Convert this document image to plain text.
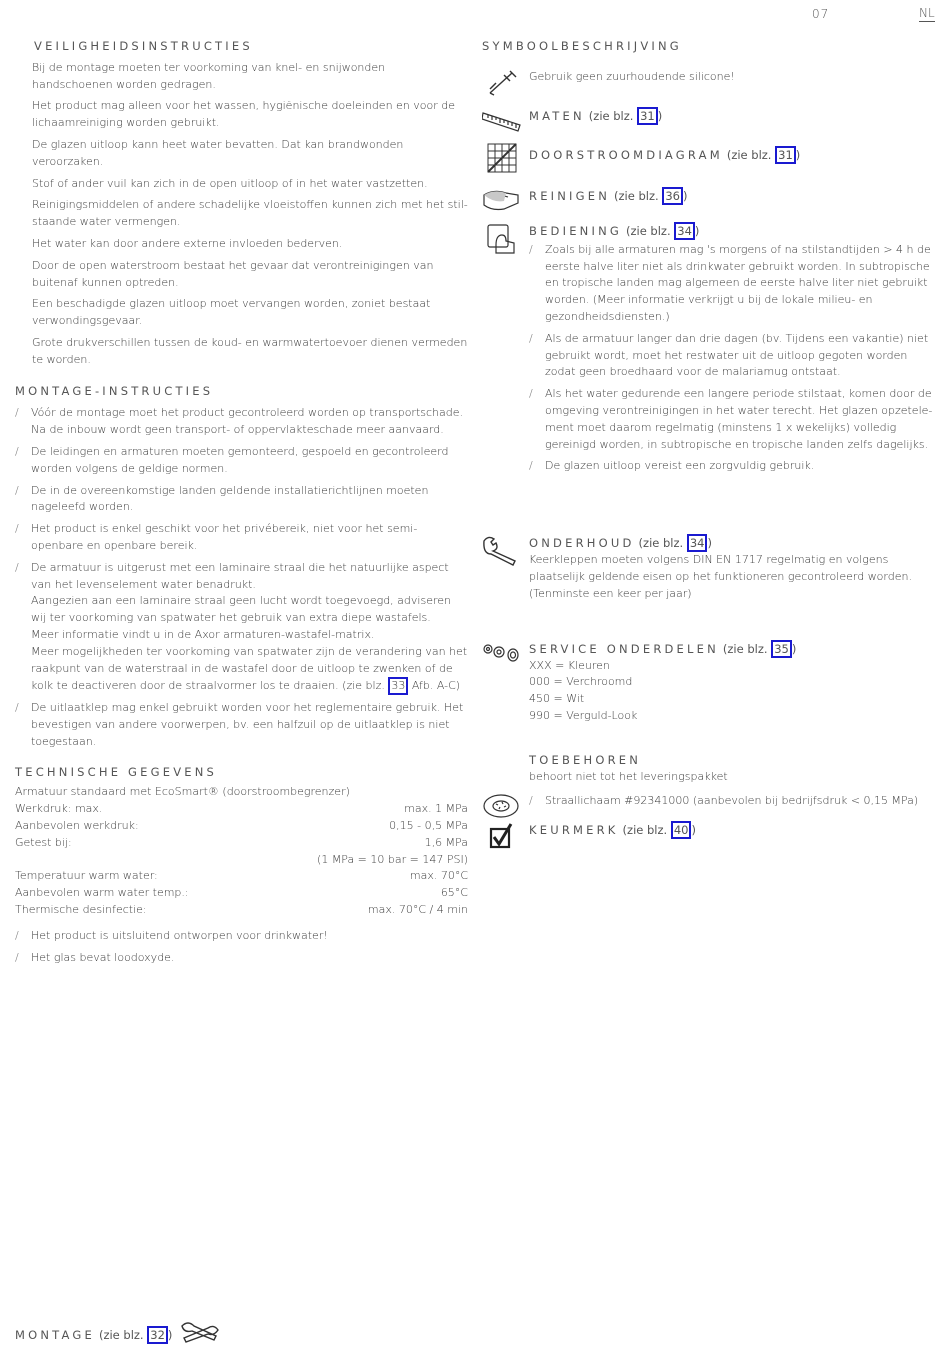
07	NL
VEILIGHEIDSINSTRUCTIES

Bij de montage moeten ter voorkoming van knel- en snijwonden handschoenen worden gedragen.

Het product mag alleen voor het wassen, hygiënische doeleinden en voor de lichaamreiniging worden gebruikt.

De glazen uitloop kann heet water bevatten. Dat kan brandwonden veroorzaken.

Stof of ander vuil kan zich in de open uitloop of in het water vastzetten.

Reinigingsmiddelen of andere schadelijke vloeistoffen kunnen zich met het stilstaande water vermengen.

Het water kan door andere externe invloeden bederven.

Door de open waterstroom bestaat het gevaar dat verontreinigingen van buitenaf kunnen optreden.

Een beschadigde glazen uitloop moet vervangen worden, zoniet bestaat verwondingsgevaar.

Grote drukverschillen tussen de koud- en warmwatertoevoer dienen vermeden te worden.

MONTAGE-INSTRUCTIES
/ Vóór de montage moet het product gecontroleerd worden op transportschade. Na de inbouw wordt geen transport- of oppervlakteschade meer aanvaard.
/ De leidingen en armaturen moeten gemonteerd, gespoeld en gecontroleerd worden volgens de geldige normen.
/ De in de overeenkomstige landen geldende installatierichtlijnen moeten nageleefd worden.
/ Het product is enkel geschikt voor het privébereik, niet voor het semi-openbare en openbare bereik.
/ De armatuur is uitgerust met een laminaire straal die het natuurlijke aspect van het levenselement water benadrukt.
Aangezien aan een laminaire straal geen lucht wordt toegevoegd, adviseren wij ter voorkoming van spatwater het gebruik van extra diepe wastafels.
Meer informatie vindt u in de Axor armaturen-wastafel-matrix.
Meer mogelijkheden ter voorkoming van spatwater zijn de verandering van het raakpunt van de waterstraal in de wastafel door de uitloop te zwenken of de kolk te deactiveren door de straalvormer los te draaien. (zie blz. 33 Afb. A-C)
/ De uitlaatklep mag enkel gebruikt worden voor het reglementaire gebruik. Het bevestigen van andere voorwerpen, bv. een halfzuil op de uitlaatklep is niet toegestaan.
TECHNISCHE GEGEVENS
Armatuur standaard met EcoSmart® (doorstroombegrenzer)
Werkdruk: max.	max. 1 MPa
Aanbevolen werkdruk:	0,15 - 0,5 MPa
Getest bij:	1,6 MPa
(1 MPa = 10 bar = 147 PSI)
Temperatuur warm water:	max. 70°C
Aanbevolen warm water temp.:	65°C
Thermische desinfectie:	max. 70°C / 4 min
/ Het product is uitsluitend ontworpen voor drinkwater!
/ Het glas bevat loodoxyde.
SYMBOOLBESCHRIJVING
Gebruik geen zuurhoudende silicone!
MATEN (zie blz. 31 )
DOORSTROOMDIAGRAM (zie blz. 31 )
REINIGEN (zie blz. 36 )
BEDIENING (zie blz. 34 )
/ Zoals bij alle armaturen mag 's morgens of na stilstandtijden > 4 h de eerste halve liter niet als drinkwater gebruikt worden. In subtropische en tropische landen mag algemeen de eerste halve liter niet gebruikt worden. (Meer informatie verkrijgt u bij de lokale milieu- en gezondheidsdiensten.)
/ Als de armatuur langer dan drie dagen (bv. Tijdens een vakantie) niet gebruikt wordt, moet het restwater uit de uitloop gegoten worden zodat geen broedhaard voor de malariamug ontstaat.
/ Als het water gedurende een langere periode stilstaat, komen door de omgeving verontreinigingen in het water terecht. Het glazen opzetelement moet daarom regelmatig (minstens 1 x wekelijks) volledig gereinigd worden, in subtropische en tropische landen zelfs dagelijks.
/ De glazen uitloop vereist een zorgvuldig gebruik.
ONDERHOUD (zie blz. 34 )
Keerkleppen moeten volgens DIN EN 1717 regelmatig en volgens plaatselijk geldende eisen op het funktioneren gecontroleerd worden. (Tenminste een keer per jaar)
SERVICE ONDERDELEN (zie blz. 35 )
XXX = Kleuren
000 = Verchroomd
450 = Wit
990 = Verguld-Look
TOEBEHOREN
behoort niet tot het leveringspakket
/ Straallichaam #92341000 (aanbevolen bij bedrijfsdruk < 0,15 MPa)
KEURMERK (zie blz. 40 )
MONTAGE (zie blz. 32 )
